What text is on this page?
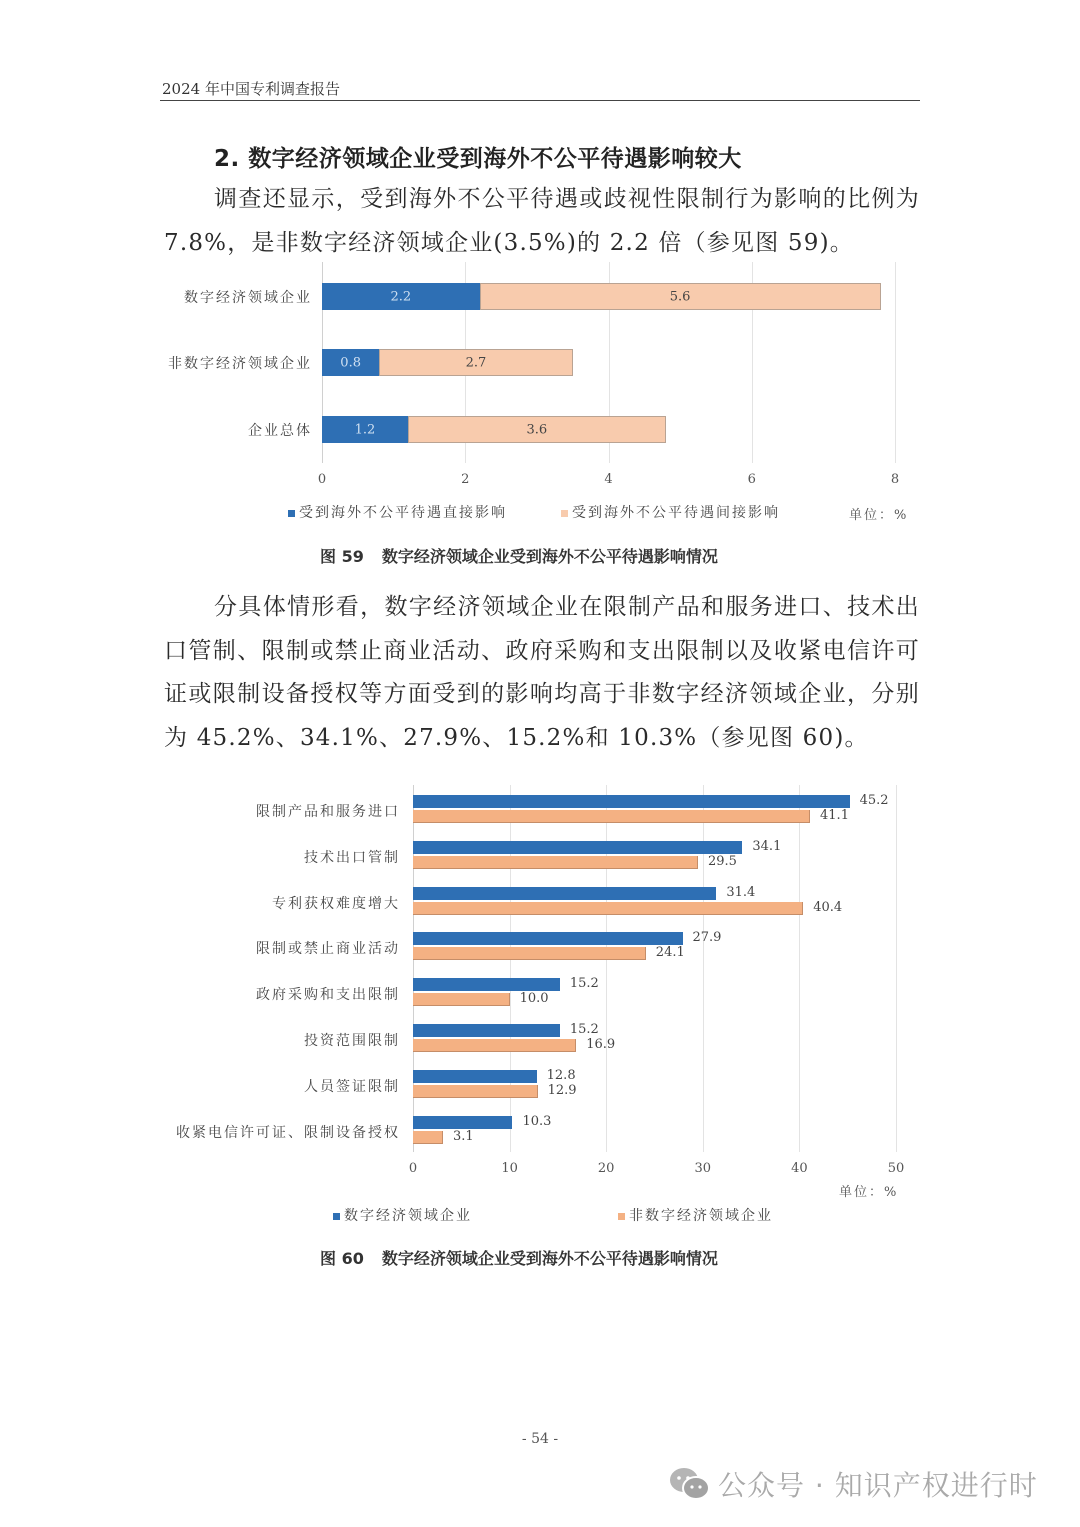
2024 年中国专利调查报告
2. 数字经济领域企业受到海外不公平待遇影响较大

调查还显示，受到海外不公平待遇或歧视性限制行为影响的比例为 7.8%，是非数字经济领域企业(3.5%)的 2.2 倍（参见图 59)。

0	2	4	6	8
数字经济领域企业	2.2	5.6
非数字经济领域企业 0.8	2.7
企业总体	1.2	3.6
受到海外不公平待遇直接影响	受到海外不公平待遇间接影响	单位：%
图 59 数字经济领域企业受到海外不公平待遇影响情况

分具体情形看，数字经济领域企业在限制产品和服务进口、技术出口管制、限制或禁止商业活动、政府采购和支出限制以及收紧电信许可证或限制设备授权等方面受到的影响均高于非数字经济领域企业，分别为 45.2%、34.1%、27.9%、15.2%和 10.3%（参见图 60)。

0	10	20	30	40	50
限制产品和服务进口
45.2
41.1
技术出口管制
34.1
29.5
专利获权难度增大
31.4
40.4
限制或禁止商业活动
27.9
24.1
政府采购和支出限制
15.2
10.0
投资范围限制
15.2
16.9
人员签证限制
12.8
12.9
收紧电信许可证、限制设备授权
10.3
3.1
单位：%
数字经济领域企业	非数字经济领域企业
图 60 数字经济领域企业受到海外不公平待遇影响情况
- 54 -
公众号 · 知识产权进行时
